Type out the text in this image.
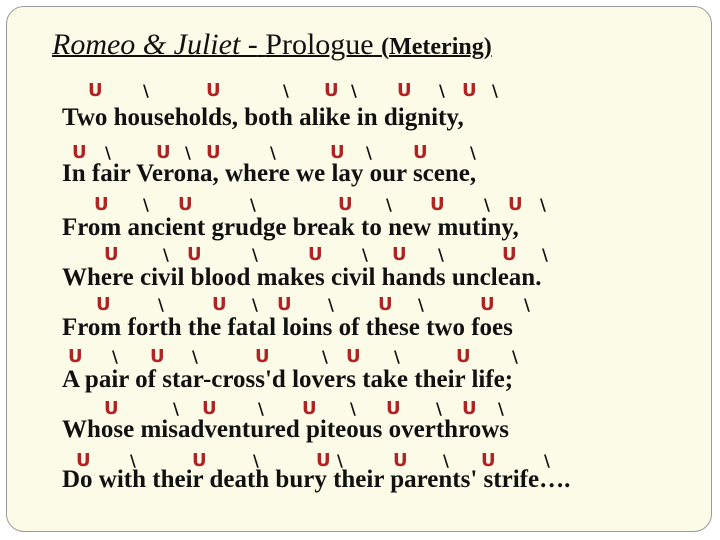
Romeo & Juliet - Prologue (Metering)
Two households, both alike in dignity,
U	\	U	\ U \ U \ U \
In fair Verona, where we lay our scene,
U \	U \ U	\	U \ U	\
From ancient grudge break to new mutiny,
U \ U	\	U \ U \ U \
Where civil blood makes civil hands unclean.
U	\ U	\	U \ U \	U \
From forth the fatal loins of these two foes
U	\	U \ U \ U \	U \
A pair of star-cross'd lovers take their life;
U \ U \	U	\ U \	U	\
Whose misadventured piteous overthrows
U	\ U	\ U \ U \ U \
Do with their death bury their parents' strife….
U \	U	\	U \	U \ U	\
